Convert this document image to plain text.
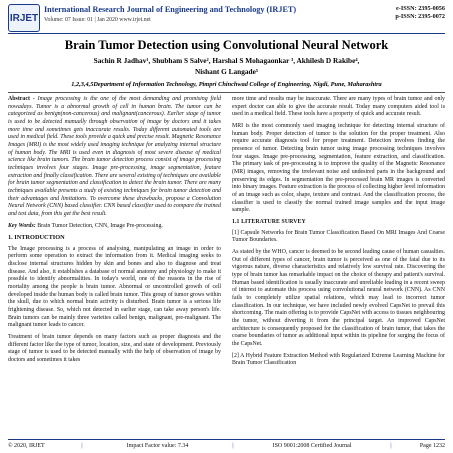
IRJET
International Research Journal of Engineering and Technology (IRJET)
Volume: 07 Issue: 01 | Jan 2020 www.irjet.net
e-ISSN: 2395-0056
p-ISSN: 2395-0072
Brain Tumor Detection using Convolutional Neural Network
Sachin R Jadhav¹, Shubham S Salve², Harshal S Mohagaonkar ³, Akhilesh D Rakibe⁴,
Nishant G Langade⁵
1,2,3,4,5Department of Information Technology, Pimpri Chinchwad College of Engineering, Nigdi, Pune, Maharashtra

Abstract - Image processing is the one of the most demanding and promising field nowadays. Tumor is a abnormal growth of cell in human brain. The tumor can be categorized as benign(non-cancerous) and malignant(cancerous). Earlier stage of tumor is used to be detected manually through observation of image by doctors and it takes more time and sometimes gets inaccurate results. Today different automated tools are used in medical field. These tools provide a quick and precise result. Magnetic Resonance Images (MRI) is the most widely used imaging technique for analyzing internal structure of human body. The MRI is used even in diagnosis of most severe disease of medical science like brain tumors. The brain tumor detection process consist of image processing techniques involves four stages. Image pre-processing, image segmentation, feature extraction and finally classification. There are several existing of techniques are available for brain tumor segmentation and classification to detect the brain tumor. There are many techniques available presents a study of existing techniques for brain tumor detection and their advantages and limitations. To overcome these drawbacks, propose a Convolution Neural Network (CNN) based classifier. CNN based classifier used to compare the trained and test data, from this get the best result.

Key Words: Brain Tumor Detection, CNN, Image Pre-processing.

1. INTRODUCTION

The Image processing is a process of analysing, manipulating an image in order to perform some operation to extract the information from it. Medical imaging seeks to disclose internal structures hidden by skin and bones and also to diagnose and treat disease. And also, it establishes a database of normal anatomy and physiology to make it possible to identify abnormalities. In today's world, one of the reasons in the rise of mortality among the people is brain tumor. Abnormal or uncontrolled growth of cell developed inside the human body is called brain tumor. This group of tumor grows within the skull, due to which normal brain activity is disturbed. Brain tumor is a serious life frightening disease. So, which not detected in earlier stage, can take away person's life. Brain tumors can be mainly three varieties called benign, malignant, pre-malignant. The malignant tumor leads to cancer.

Treatment of brain tumor depends on many factors such as proper diagnosis and the different factor like the type of tumor, location, size, and state of development. Previously stage of tumor is used to be detected manually with the help of observation of image by doctors and sometimes it takes

more time and results may be inaccurate. There are many types of brain tumor and only expert doctor can able to give the accurate result. Today many computers aided tool is used in a medical field. These tools have a property of quick and accurate result.

MRI is the most commonly used imaging technique for detecting internal structure of human body. Proper detection of tumor is the solution for the proper treatment. Also require accurate diagnosis tool for proper treatment. Detection involves finding the presence of tumor. Detecting brain tumor using image processing techniques involves four stages. Image pre-processing, segmentation, feature extraction, and classification. The primary task of pre-processing is to improve the quality of the Magnetic Resonance (MR) images, removing the irrelevant noise and undesired parts in the background and preserving its edges. In segmentation the pre-processed brain MR images is converted into binary images. Feature extraction is the process of collecting higher level information of an image such as color, shape, texture and contrast. And the classification process, the classifier is used to classify the normal trained image samples and the input image sample.

1.1 LITERATURE SURVEY

[1] Capsule Networks for Brain Tumor Classification Based On MRI Images And Coarse Tumor Boundaries.

As stated by the WHO, cancer is deemed to be second leading cause of human casualties. Out of different types of cancer, brain tumor is perceived as one of the fatal due to its vigorous nature, diverse characteristics and relatively low survival rate. Discovering the type of brain tumor has remarkable impact on the choice of therapy and patient's survival. Human based identification is usually inaccurate and unreliable leading in a recent sweep of interest to automate this process using convolutional neural network (CNN). As CNN fails to completely utilize spatial relations, which may lead to incorrect tumor classification. In our technique, we have included newly evolved CapsNet to prevail this shortcoming. The main offering is to provide CapsNet with access to tissues neighbouring the tumor, without diverting it from the principal target. An improved CapsNet architecture is consequently proposed for the classification of brain tumor, that takes the coarse boundaries of tumor as additional input within its pipeline for surging the focus of the CapsNet.

[2] A Hybrid Feature Extraction Method with Regularized Extreme Learning Machine for Brain Tumor Classification

© 2020, IRJET	|	Impact Factor value: 7.34	|	ISO 9001:2008 Certified Journal	|	Page 1232
